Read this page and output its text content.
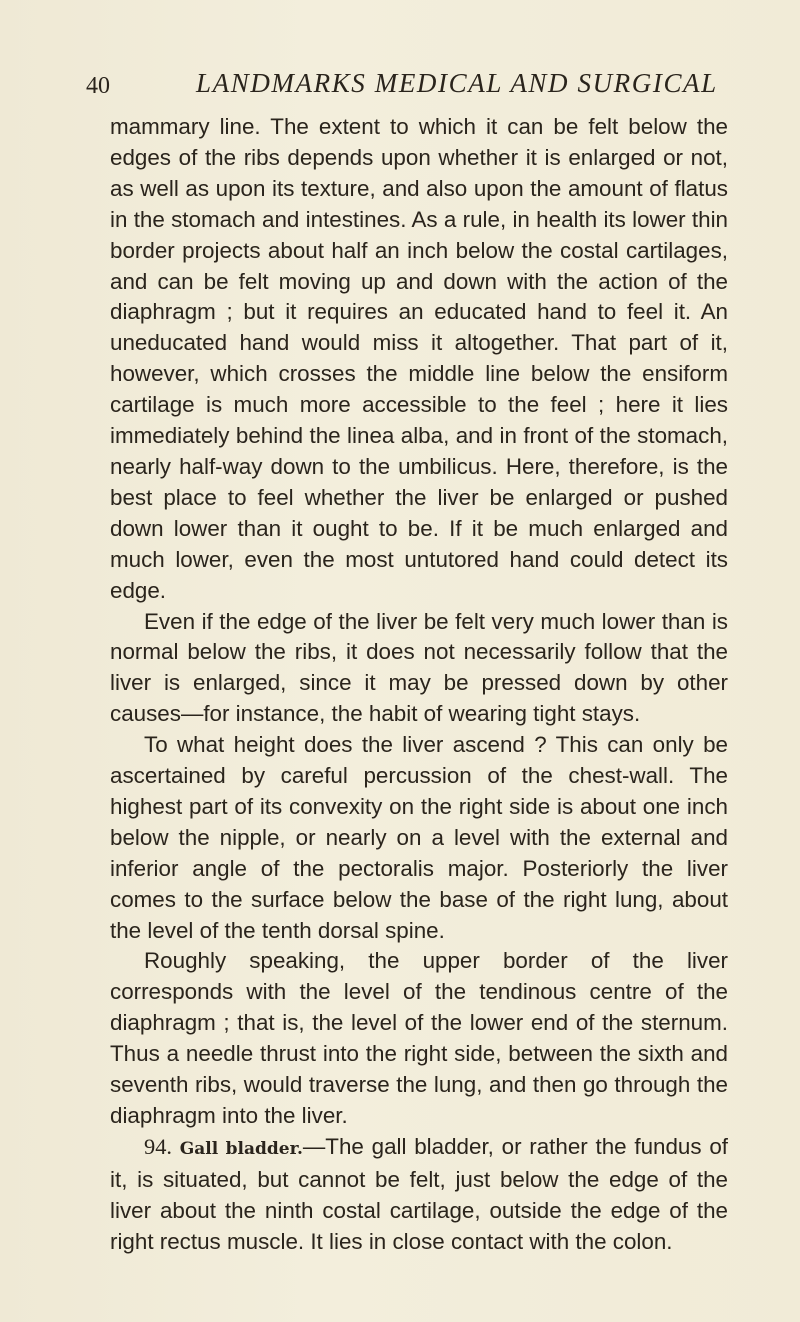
40	LANDMARKS MEDICAL AND SURGICAL

mammary line. The extent to which it can be felt below the edges of the ribs depends upon whether it is enlarged or not, as well as upon its texture, and also upon the amount of flatus in the stomach and intestines. As a rule, in health its lower thin border projects about half an inch below the costal cartilages, and can be felt moving up and down with the action of the diaphragm ; but it requires an educated hand to feel it. An uneducated hand would miss it altogether. That part of it, however, which crosses the middle line below the ensiform cartilage is much more accessible to the feel ; here it lies immediately behind the linea alba, and in front of the stomach, nearly half-way down to the umbilicus. Here, therefore, is the best place to feel whether the liver be enlarged or pushed down lower than it ought to be. If it be much enlarged and much lower, even the most untutored hand could detect its edge.

Even if the edge of the liver be felt very much lower than is normal below the ribs, it does not necessarily follow that the liver is enlarged, since it may be pressed down by other causes—for instance, the habit of wearing tight stays.

To what height does the liver ascend ? This can only be ascertained by careful percussion of the chest-wall. The highest part of its convexity on the right side is about one inch below the nipple, or nearly on a level with the external and inferior angle of the pectoralis major. Posteriorly the liver comes to the surface below the base of the right lung, about the level of the tenth dorsal spine.

Roughly speaking, the upper border of the liver corresponds with the level of the tendinous centre of the diaphragm ; that is, the level of the lower end of the sternum. Thus a needle thrust into the right side, between the sixth and seventh ribs, would traverse the lung, and then go through the diaphragm into the liver.

94. Gall bladder.—The gall bladder, or rather the fundus of it, is situated, but cannot be felt, just below the edge of the liver about the ninth costal cartilage, outside the edge of the right rectus muscle. It lies in close contact with the colon.
